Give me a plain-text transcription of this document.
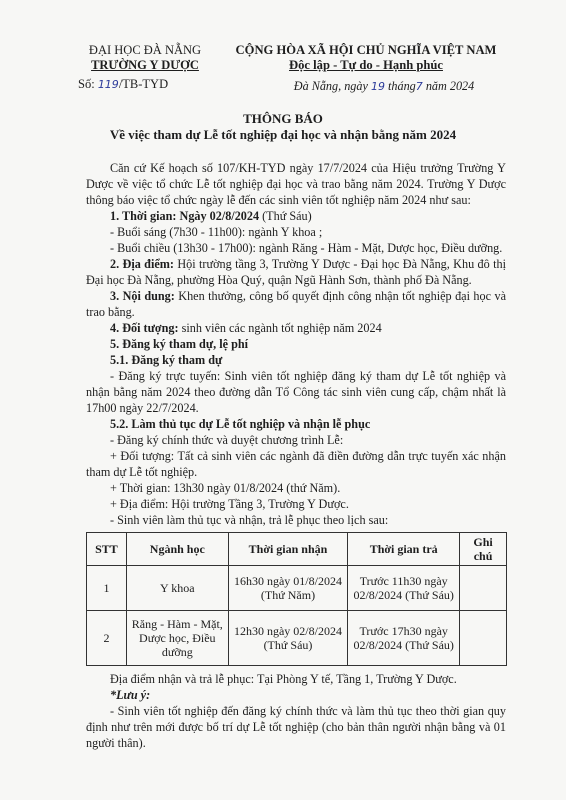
ĐẠI HỌC ĐÀ NẴNG
TRƯỜNG Y DƯỢC
Số: 119/TB-TYD
CỘNG HÒA XÃ HỘI CHỦ NGHĨA VIỆT NAM
Độc lập - Tự do - Hạnh phúc
Đà Nẵng, ngày 19 tháng7 năm 2024
THÔNG BÁO
Về việc tham dự Lễ tốt nghiệp đại học và nhận bằng năm 2024

Căn cứ Kế hoạch số 107/KH-TYD ngày 17/7/2024 của Hiệu trưởng Trường Y Dược về việc tổ chức Lễ tốt nghiệp đại học và trao bằng năm 2024. Trường Y Dược thông báo việc tổ chức ngày lễ đến các sinh viên tốt nghiệp năm 2024 như sau:

1. Thời gian: Ngày 02/8/2024 (Thứ Sáu)

- Buổi sáng (7h30 - 11h00): ngành Y khoa ;

- Buổi chiều (13h30 - 17h00): ngành Răng - Hàm - Mặt, Dược học, Điều dưỡng.

2. Địa điểm: Hội trường tầng 3, Trường Y Dược - Đại học Đà Nẵng, Khu đô thị Đại học Đà Nẵng, phường Hòa Quý, quận Ngũ Hành Sơn, thành phố Đà Nẵng.

3. Nội dung: Khen thưởng, công bố quyết định công nhận tốt nghiệp đại học và trao bằng.

4. Đối tượng: sinh viên các ngành tốt nghiệp năm 2024

5. Đăng ký tham dự, lệ phí

5.1. Đăng ký tham dự

- Đăng ký trực tuyến: Sinh viên tốt nghiệp đăng ký tham dự Lễ tốt nghiệp và nhận bằng năm 2024 theo đường dẫn Tổ Công tác sinh viên cung cấp, chậm nhất là 17h00 ngày 22/7/2024.

5.2. Làm thủ tục dự Lễ tốt nghiệp và nhận lễ phục

- Đăng ký chính thức và duyệt chương trình Lễ:

+ Đối tượng: Tất cả sinh viên các ngành đã điền đường dẫn trực tuyến xác nhận tham dự Lễ tốt nghiệp.

+ Thời gian: 13h30 ngày 01/8/2024 (thứ Năm).

+ Địa điểm: Hội trường Tầng 3, Trường Y Dược.

- Sinh viên làm thủ tục và nhận, trả lễ phục theo lịch sau:

STT	Ngành học	Thời gian nhận	Thời gian trả	Ghi chú
1	Y khoa	16h30 ngày 01/8/2024 (Thứ Năm)	Trước 11h30 ngày 02/8/2024 (Thứ Sáu)	
2	Răng - Hàm - Mặt, Dược học, Điều dưỡng	12h30 ngày 02/8/2024 (Thứ Sáu)	Trước 17h30 ngày 02/8/2024 (Thứ Sáu)	

Địa điểm nhận và trả lễ phục: Tại Phòng Y tế, Tầng 1, Trường Y Dược.

*Lưu ý:

- Sinh viên tốt nghiệp đến đăng ký chính thức và làm thủ tục theo thời gian quy định như trên mới được bố trí dự Lễ tốt nghiệp (cho bản thân người nhận bằng và 01 người thân).
